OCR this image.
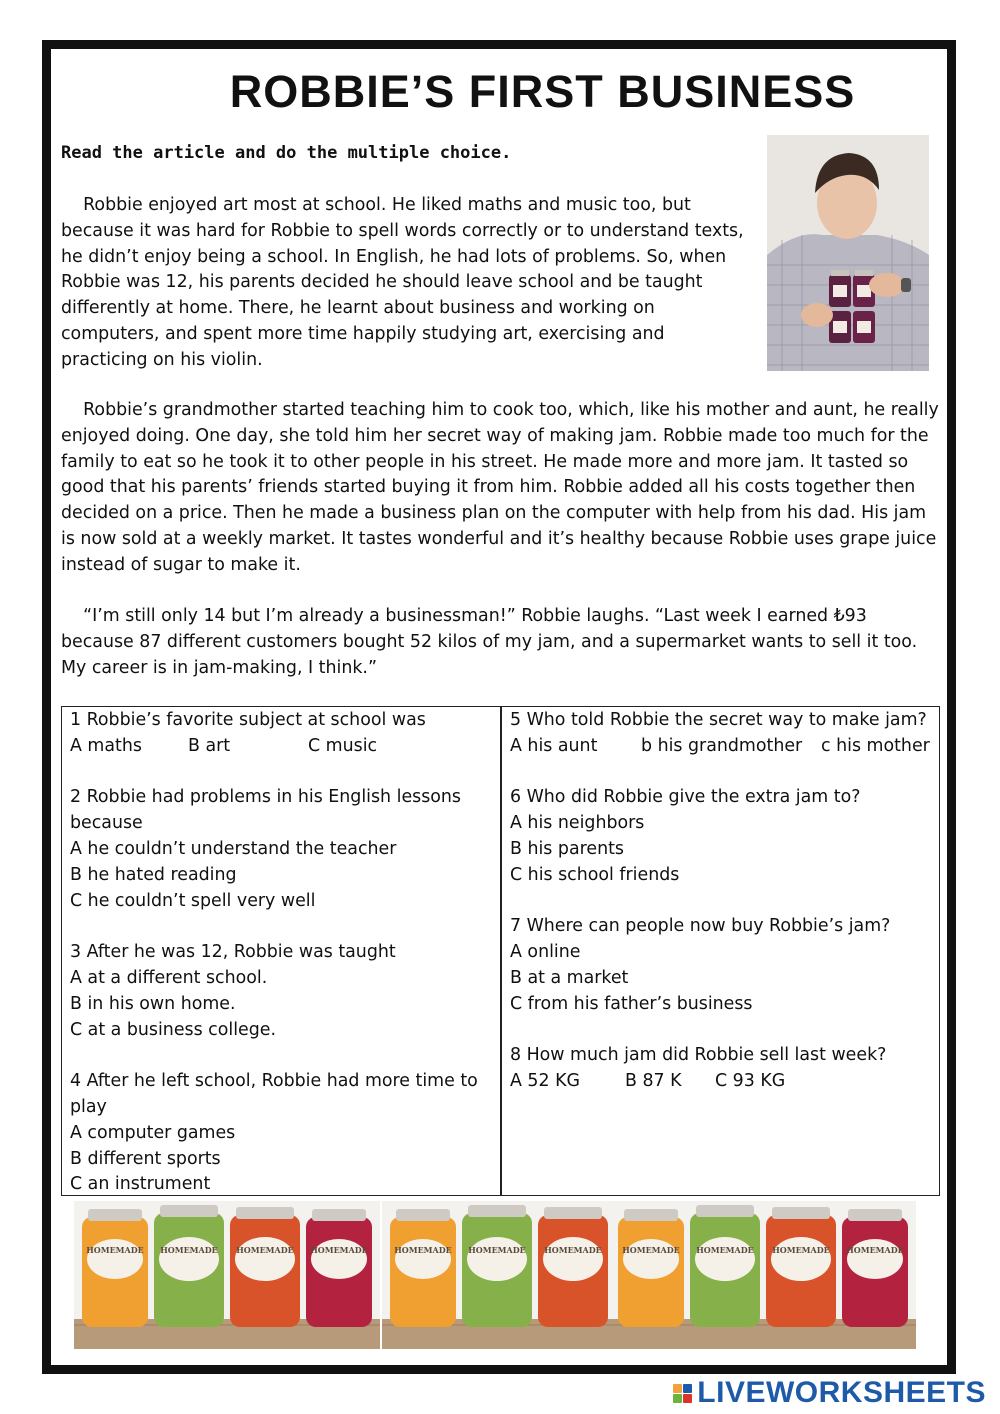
ROBBIE’S FIRST BUSINESS
Read the article and do the multiple choice.

Robbie enjoyed art most at school. He liked maths and music too, but because it was hard for Robbie to spell words correctly or to understand texts, he didn’t enjoy being a school. In English, he had lots of problems. So, when Robbie was 12, his parents decided he should leave school and be taught differently at home. There, he learnt about business and working on computers, and spent more time happily studying art, exercising and practicing on his violin.

Robbie’s grandmother started teaching him to cook too, which, like his mother and aunt, he really enjoyed doing. One day, she told him her secret way of making jam. Robbie made too much for the family to eat so he took it to other people in his street. He made more and more jam. It tasted so good that his parents’ friends started buying it from him. Robbie added all his costs together then decided on a price. Then he made a business plan on the computer with help from his dad. His jam is now sold at a weekly market. It tastes wonderful and it’s healthy because Robbie uses grape juice instead of sugar to make it.

“I’m still only 14 but I’m already a businessman!” Robbie laughs. “Last week I earned ₺93 because 87 different customers bought 52 kilos of my jam, and a supermarket wants to sell it too. My career is in jam-making, I think.”

1 Robbie’s favorite subject at school was
A maths	B art	C music
2 Robbie had problems in his English lessons
because
A he couldn’t understand the teacher
B he hated reading
C he couldn’t spell very well
3 After he was 12, Robbie was taught
A at a different school.
B in his own home.
C at a business college.
4 After he left school, Robbie had more time to
play
A computer games
B different sports
C an instrument
5 Who told Robbie the secret way to make jam?
A his aunt	b his grandmother c his mother
6 Who did Robbie give the extra jam to?
A his neighbors
B his parents
C his school friends
7 Where can people now buy Robbie’s jam?
A online
B at a market
C from his father’s business
8 How much jam did Robbie sell last week?
A 52 KG	B 87 K C 93 KG
HOMEMADE HOMEMADE HOMEMADE HOMEMADE	HOMEMADE HOMEMADE HOMEMADE	HOMEMADE HOMEMADE HOMEMADE HOMEMADE
LIVEWORKSHEETS
